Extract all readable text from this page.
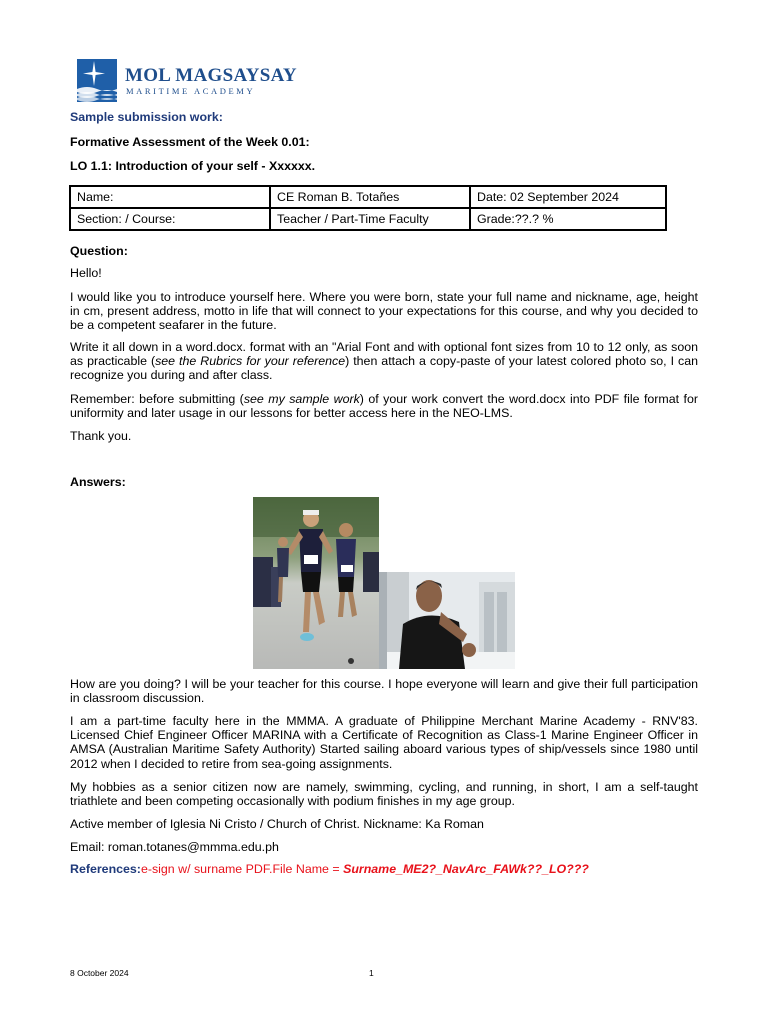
MOL MAGSAYSAY
MARITIME ACADEMY
Sample submission work:
Formative Assessment of the Week 0.01:
LO 1.1: Introduction of your self - Xxxxxx.
Name:	CE Roman B. Totañes	Date: 02 September 2024
Section: / Course:	Teacher / Part-Time Faculty	Grade:??.? %
Question:
Hello!
I would like you to introduce yourself here. Where you were born, state your full name and nickname, age, height in cm, present address, motto in life that will connect to your expectations for this course, and why you decided to be a competent seafarer in the future.
Write it all down in a word.docx. format with an "Arial Font and with optional font sizes from 10 to 12 only, as soon as practicable (see the Rubrics for your reference) then attach a copy-paste of your latest colored photo so, I can recognize you during and after class.
Remember: before submitting (see my sample work) of your work convert the word.docx into PDF file format for uniformity and later usage in our lessons for better access here in the NEO-LMS.
Thank you.
Answers:
How are you doing? I will be your teacher for this course. I hope everyone will learn and give their full participation in classroom discussion.
I am a part-time faculty here in the MMMA. A graduate of Philippine Merchant Marine Academy - RNV'83. Licensed Chief Engineer Officer MARINA with a Certificate of Recognition as Class-1 Marine Engineer Officer in AMSA (Australian Maritime Safety Authority) Started sailing aboard various types of ship/vessels since 1980 until 2012 when I decided to retire from sea-going assignments.
My hobbies as a senior citizen now are namely, swimming, cycling, and running, in short, I am a self-taught triathlete and been competing occasionally with podium finishes in my age group.
Active member of Iglesia Ni Cristo / Church of Christ. Nickname: Ka Roman
Email: roman.totanes@mmma.edu.ph
References:e-sign w/ surname PDF.File Name = Surname_ME2?_NavArc_FAWk??_LO???
8 October 2024	1
